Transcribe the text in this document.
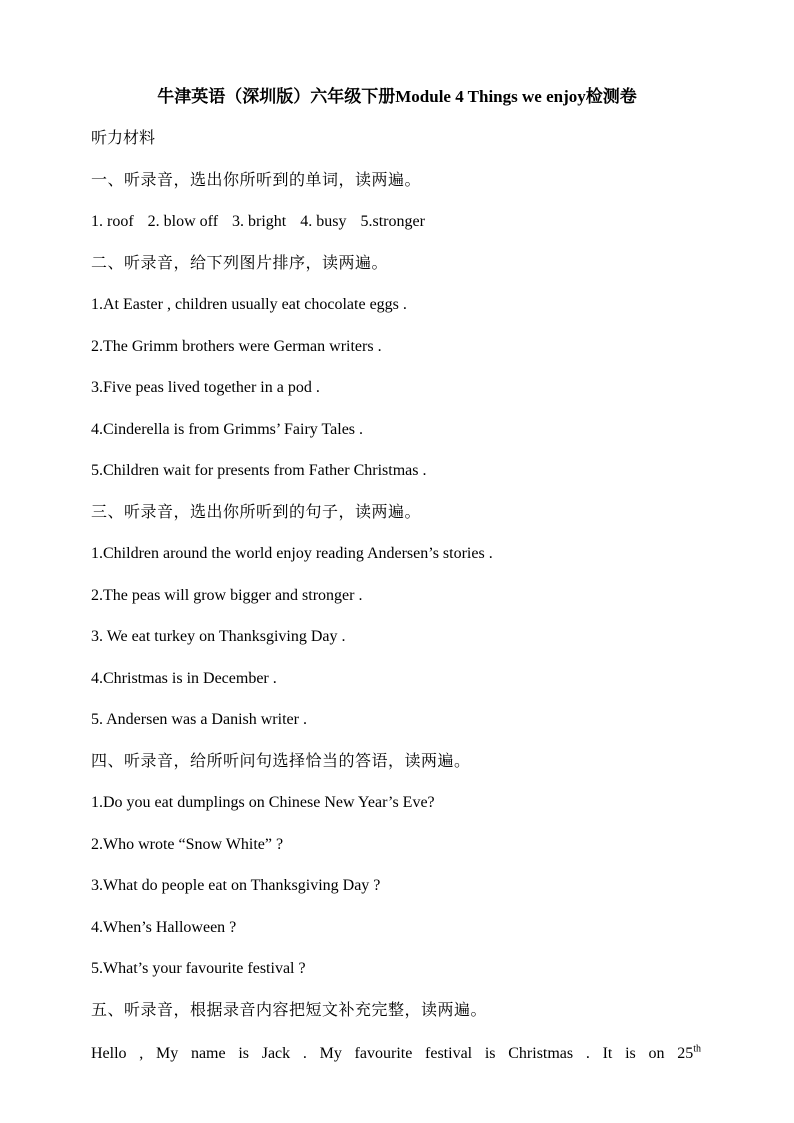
牛津英语（深圳版）六年级下册Module 4 Things we enjoy检测卷
听力材料
一、听录音，选出你所听到的单词，读两遍。
1. roof 2. blow off 3. bright 4. busy 5.stronger
二、听录音，给下列图片排序，读两遍。
1.At Easter , children usually eat chocolate eggs .
2.The Grimm brothers were German writers .
3.Five peas lived together in a pod .
4.Cinderella is from Grimms’ Fairy Tales .
5.Children wait for presents from Father Christmas .
三、听录音，选出你所听到的句子，读两遍。
1.Children around the world enjoy reading Andersen’s stories .
2.The peas will grow bigger and stronger .
3. We eat turkey on Thanksgiving Day .
4.Christmas is in December .
5. Andersen was a Danish writer .
四、听录音，给所听问句选择恰当的答语，读两遍。
1.Do you eat dumplings on Chinese New Year’s Eve?
2.Who wrote “Snow White” ?
3.What do people eat on Thanksgiving Day ?
4.When’s Halloween ?
5.What’s your favourite festival ?
五、听录音，根据录音内容把短文补充完整，读两遍。
Hello , My name is Jack . My favourite festival is Christmas . It is on 25th
